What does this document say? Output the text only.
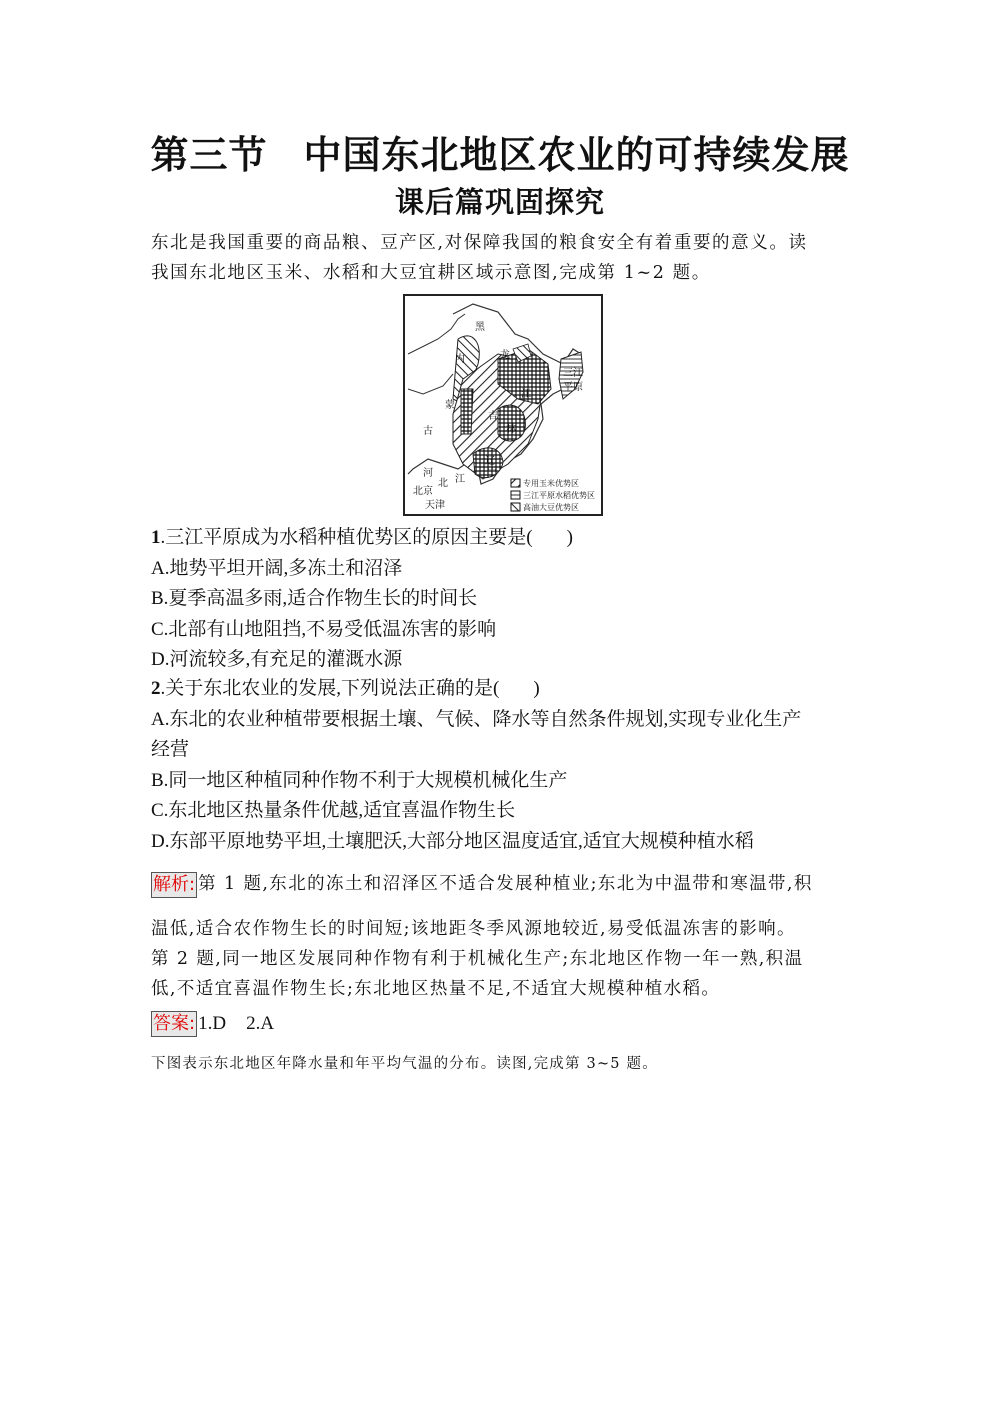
第三节 中国东北地区农业的可持续发展
课后篇巩固探究
东北是我国重要的商品粮、豆产区,对保障我国的粮食安全有着重要的意义。读
我国东北地区玉米、水稻和大豆宜耕区域示意图,完成第 1~2 题。
黑
龙
江
内
蒙
古
吉
林
辽
宁
河
北 江
北京
天津
三江
平原
专用玉米优势区
三江平原水稻优势区
高油大豆优势区

1.三江平原成为水稻种植优势区的原因主要是( )

A.地势平坦开阔,多冻土和沼泽

B.夏季高温多雨,适合作物生长的时间长

C.北部有山地阻挡,不易受低温冻害的影响

D.河流较多,有充足的灌溉水源

2.关于东北农业的发展,下列说法正确的是( )

A.东北的农业种植带要根据土壤、气候、降水等自然条件规划,实现专业化生产

经营

B.同一地区种植同种作物不利于大规模机械化生产

C.东北地区热量条件优越,适宜喜温作物生长

D.东部平原地势平坦,土壤肥沃,大部分地区温度适宜,适宜大规模种植水稻

解析: 第 1 题,东北的冻土和沼泽区不适合发展种植业;东北为中温带和寒温带,积
温低,适合农作物生长的时间短;该地距冬季风源地较近,易受低温冻害的影响。
第 2 题,同一地区发展同种作物有利于机械化生产;东北地区作物一年一熟,积温
低,不适宜喜温作物生长;东北地区热量不足,不适宜大规模种植水稻。
答案: 1.D 2.A
下图表示东北地区年降水量和年平均气温的分布。读图,完成第 3~5 题。
